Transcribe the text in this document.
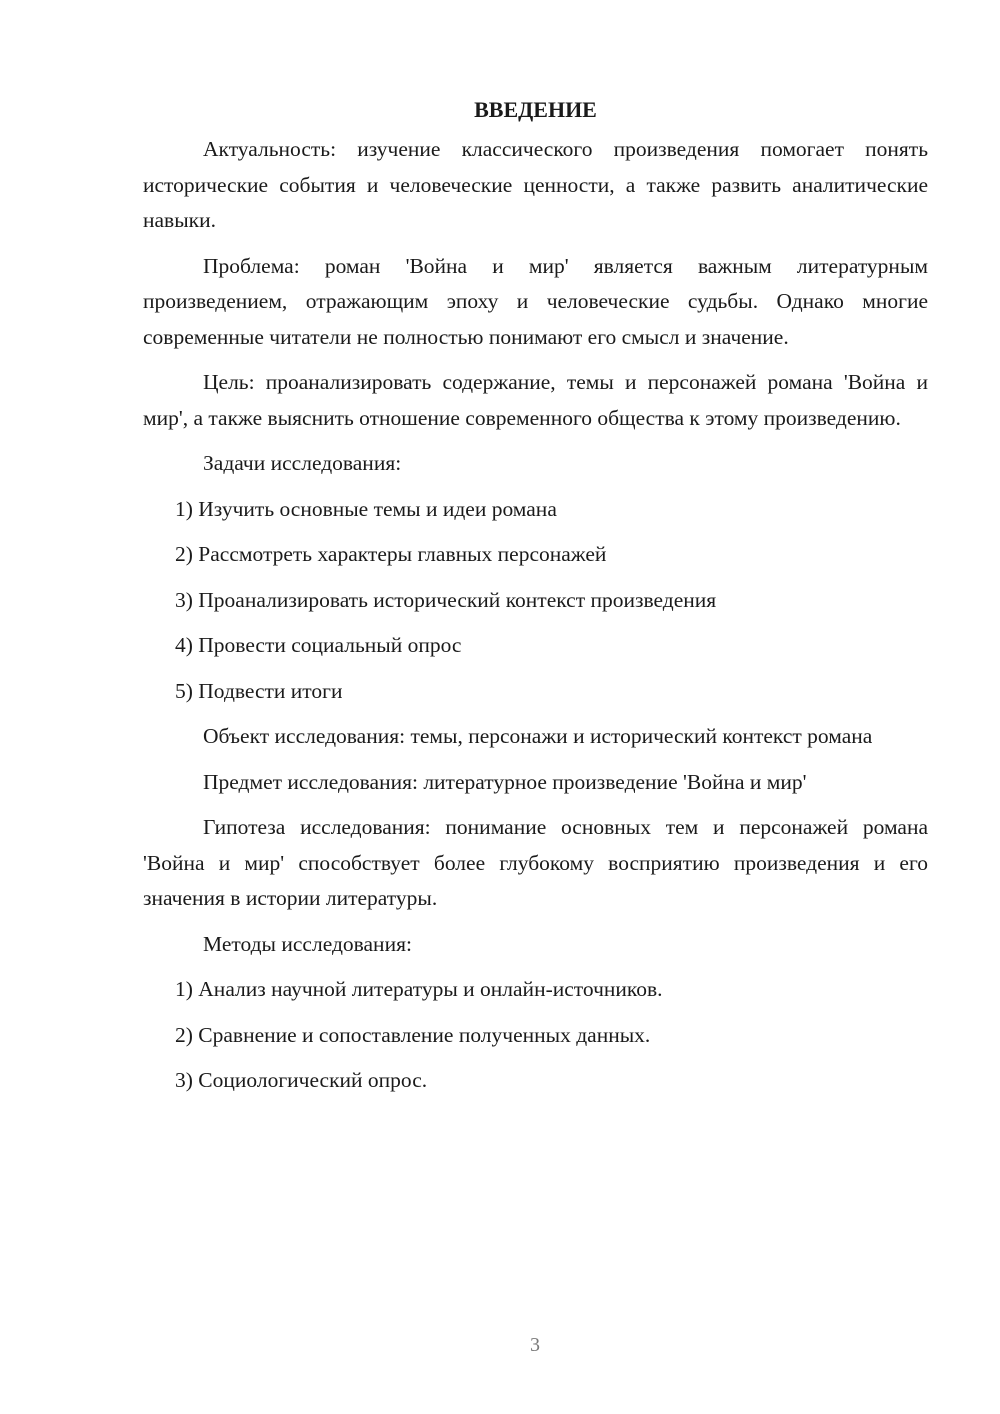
ВВЕДЕНИЕ

Актуальность: изучение классического произведения помогает понять исторические события и человеческие ценности, а также развить аналитические навыки.

Проблема: роман 'Война и мир' является важным литературным произведением, отражающим эпоху и человеческие судьбы. Однако многие современные читатели не полностью понимают его смысл и значение.

Цель: проанализировать содержание, темы и персонажей романа 'Война и мир', а также выяснить отношение современного общества к этому произведению.

Задачи исследования:

1) Изучить основные темы и идеи романа
2) Рассмотреть характеры главных персонажей
3) Проанализировать исторический контекст произведения
4) Провести социальный опрос
5) Подвести итоги

Объект исследования: темы, персонажи и исторический контекст романа

Предмет исследования: литературное произведение 'Война и мир'

Гипотеза исследования: понимание основных тем и персонажей романа 'Война и мир' способствует более глубокому восприятию произведения и его значения в истории литературы.

Методы исследования:

1) Анализ научной литературы и онлайн-источников.
2) Сравнение и сопоставление полученных данных.
3) Социологический опрос.
3
